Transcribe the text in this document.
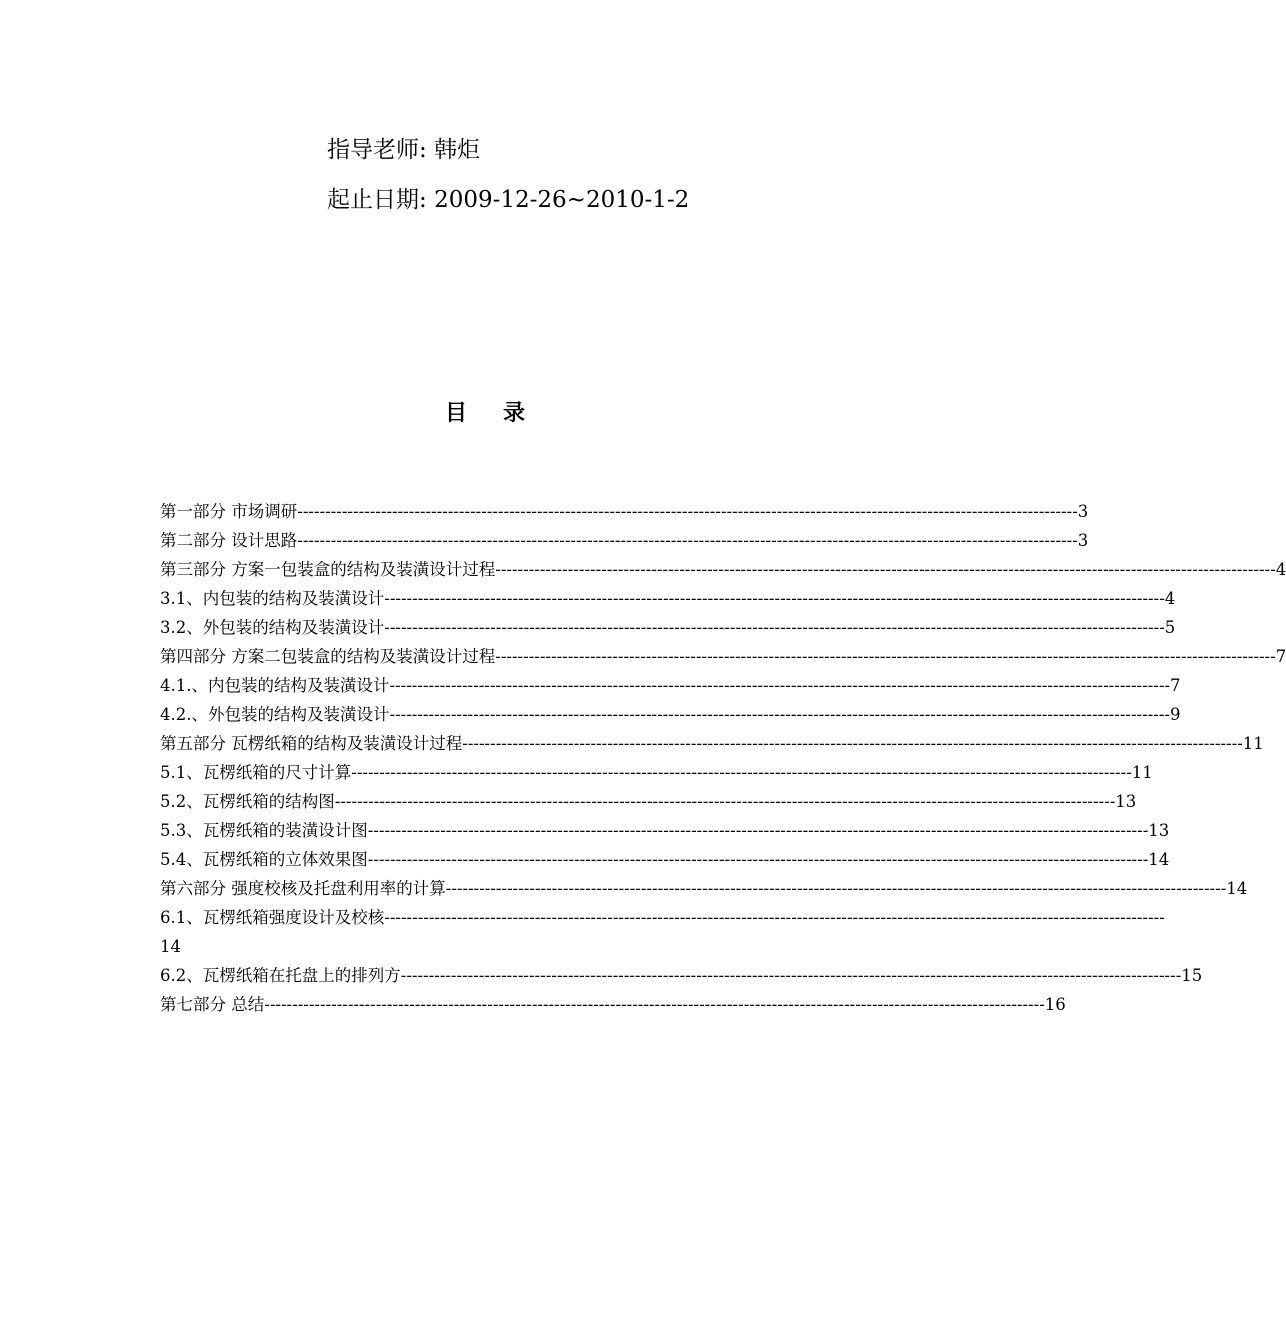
指导老师: 韩炬
起止日期: 2009-12-26~2010-1-2
目 录
第一部分 市场调研-------------------------------------------------------------------------------------------------------------------------------------------- 3
第二部分 设计思路-------------------------------------------------------------------------------------------------------------------------------------------- 3
第三部分 方案一包装盒的结构及装潢设计过程-------------------------------------------------------------------------------------------------------------------------------------------- 4
3.1、内包装的结构及装潢设计-------------------------------------------------------------------------------------------------------------------------------------------- 4
3.2、外包装的结构及装潢设计-------------------------------------------------------------------------------------------------------------------------------------------- 5
第四部分 方案二包装盒的结构及装潢设计过程-------------------------------------------------------------------------------------------------------------------------------------------- 7
4.1.、内包装的结构及装潢设计-------------------------------------------------------------------------------------------------------------------------------------------- 7
4.2.、外包装的结构及装潢设计-------------------------------------------------------------------------------------------------------------------------------------------- 9
第五部分 瓦楞纸箱的结构及装潢设计过程-------------------------------------------------------------------------------------------------------------------------------------------- 11
5.1、瓦楞纸箱的尺寸计算-------------------------------------------------------------------------------------------------------------------------------------------- 11
5.2、瓦楞纸箱的结构图-------------------------------------------------------------------------------------------------------------------------------------------- 13
5.3、瓦楞纸箱的装潢设计图-------------------------------------------------------------------------------------------------------------------------------------------- 13
5.4、瓦楞纸箱的立体效果图-------------------------------------------------------------------------------------------------------------------------------------------- 14
第六部分 强度校核及托盘利用率的计算-------------------------------------------------------------------------------------------------------------------------------------------- 14
6.1、瓦楞纸箱强度设计及校核--------------------------------------------------------------------------------------------------------------------------------------------
14
6.2、瓦楞纸箱在托盘上的排列方-------------------------------------------------------------------------------------------------------------------------------------------- 15
第七部分 总结-------------------------------------------------------------------------------------------------------------------------------------------- 16
